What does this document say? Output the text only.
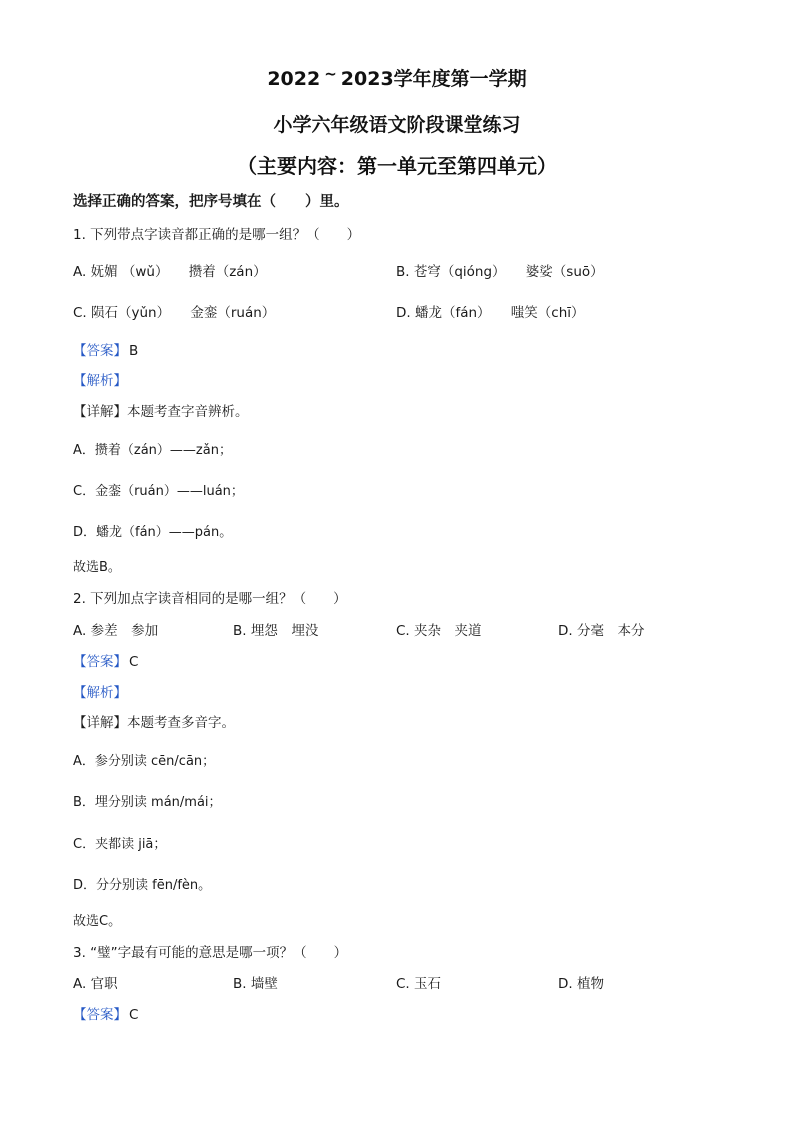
2022 ~ 2023学年度第一学期
小学六年级语文阶段课堂练习
（主要内容：第一单元至第四单元）
选择正确的答案，把序号填在（　　）里。
1. 下列带点字读音都正确的是哪一组？（　　）
A. 妩媚 （wǔ）　　攒着（zán）	B. 苍穹（qióng）　　婆娑（suō）
C. 陨石（yǔn）　　金銮（ruán）	D. 蟠龙（fán）　　嗤笑（chī）
【答案】 B
【解析】
【详解】本题考查字音辨析。
A．攒着（zán）——zǎn；
C．金銮（ruán）——luán；
D．蟠龙（fán）——pán。
故选B。
2. 下列加点字读音相同的是哪一组？（　　）
A. 参差　参加	B. 埋怨　埋没	C. 夹杂　夹道	D. 分毫　本分
【答案】 C
【解析】
【详解】本题考查多音字。
A．参分别读 cēn/cān；
B．埋分别读 mán/mái；
C．夹都读 jiā；
D．分分别读 fēn/fèn。
故选C。
3. “璧”字最有可能的意思是哪一项？（　　）
A. 官职	B. 墙壁	C. 玉石	D. 植物
【答案】 C
